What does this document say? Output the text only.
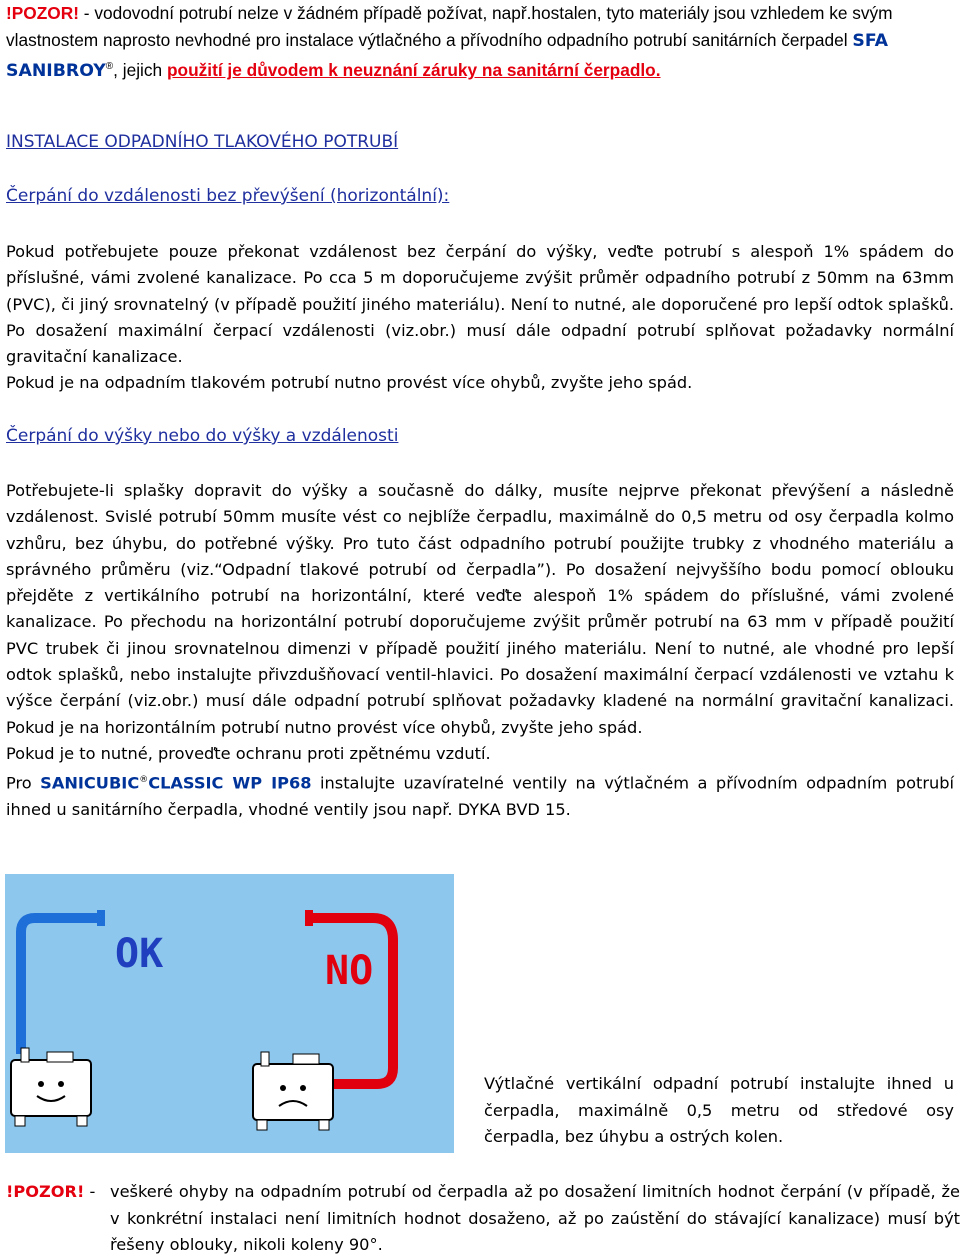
!POZOR! - vodovodní potrubí nelze v žádném případě požívat, např.hostalen, tyto materiály jsou vzhledem ke svým vlastnostem naprosto nevhodné pro instalace výtlačného a přívodního odpadního potrubí sanitárních čerpadel SFA SANIBROY®, jejich použití je důvodem k neuznání záruky na sanitární čerpadlo.
INSTALACE ODPADNÍHO TLAKOVÉHO POTRUBÍ
Čerpání do vzdálenosti bez převýšení (horizontální):

Pokud potřebujete pouze překonat vzdálenost bez čerpání do výšky, veďte potrubí s alespoň 1% spádem do příslušné, vámi zvolené kanalizace. Po cca 5 m doporučujeme zvýšit průměr odpadního potrubí z 50mm na 63mm (PVC), či jiný srovnatelný (v případě použití jiného materiálu). Není to nutné, ale doporučené pro lepší odtok splašků. Po dosažení maximální čerpací vzdálenosti (viz.obr.) musí dále odpadní potrubí splňovat požadavky normální gravitační kanalizace.

Pokud je na odpadním tlakovém potrubí nutno provést více ohybů, zvyšte jeho spád.

Čerpání do výšky nebo do výšky a vzdálenosti

Potřebujete-li splašky dopravit do výšky a současně do dálky, musíte nejprve překonat převýšení a následně vzdálenost. Svislé potrubí 50mm musíte vést co nejblíže čerpadlu, maximálně do 0,5 metru od osy čerpadla kolmo vzhůru, bez úhybu, do potřebné výšky. Pro tuto část odpadního potrubí použijte trubky z vhodného materiálu a správného průměru (viz.“Odpadní tlakové potrubí od čerpadla”). Po dosažení nejvyššího bodu pomocí oblouku přejděte z vertikálního potrubí na horizontální, které veďte alespoň 1% spádem do příslušné, vámi zvolené kanalizace. Po přechodu na horizontální potrubí doporučujeme zvýšit průměr potrubí na 63 mm v případě použití PVC trubek či jinou srovnatelnou dimenzi v případě použití jiného materiálu. Není to nutné, ale vhodné pro lepší odtok splašků, nebo instalujte přivzdušňovací ventil-hlavici. Po dosažení maximální čerpací vzdálenosti ve vztahu k výšce čerpání (viz.obr.) musí dále odpadní potrubí splňovat požadavky kladené na normální gravitační kanalizaci. Pokud je na horizontálním potrubí nutno provést více ohybů, zvyšte jeho spád.

Pokud je to nutné, proveďte ochranu proti zpětnému vzdutí.

Pro SANICUBIC®CLASSIC WP IP68 instalujte uzavíratelné ventily na výtlačném a přívodním odpadním potrubí ihned u sanitárního čerpadla, vhodné ventily jsou např. DYKA BVD 15.

OK	NO
Výtlačné vertikální odpadní potrubí instalujte ihned u čerpadla, maximálně 0,5 metru od středové osy čerpadla, bez úhybu a ostrých kolen.
!POZOR! - veškeré ohyby na odpadním potrubí od čerpadla až po dosažení limitních hodnot čerpání (v případě, že v konkrétní instalaci není limitních hodnot dosaženo, až po zaústění do stávající kanalizace) musí být řešeny oblouky, nikoli koleny 90°.
